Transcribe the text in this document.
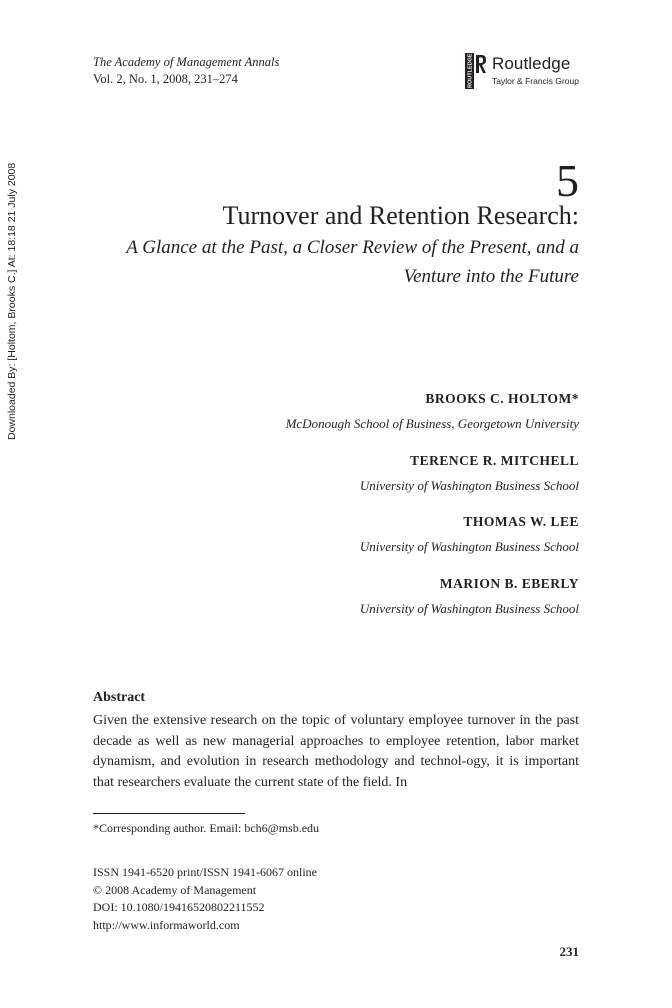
The Academy of Management Annals
Vol. 2, No. 1, 2008, 231–274	ROUTLEDGE Routledge
Taylor & Francis Group
Downloaded By: [Holtom, Brooks C.] At: 18:18 21 July 2008	5
Turnover and Retention Research:
A Glance at the Past, a Closer Review of the Present, and a Venture into the Future
BROOKS C. HOLTOM*
McDonough School of Business, Georgetown University
TERENCE R. MITCHELL
University of Washington Business School
THOMAS W. LEE
University of Washington Business School
MARION B. EBERLY
University of Washington Business School
Abstract
Given the extensive research on the topic of voluntary employee turnover in the past decade as well as new managerial approaches to employee retention, labor market dynamism, and evolution in research methodology and technol-ogy, it is important that researchers evaluate the current state of the field. In
*Corresponding author. Email: bch6@msb.edu
ISSN 1941-6520 print/ISSN 1941-6067 online
© 2008 Academy of Management
DOI: 10.1080/19416520802211552
http://www.informaworld.com
231
